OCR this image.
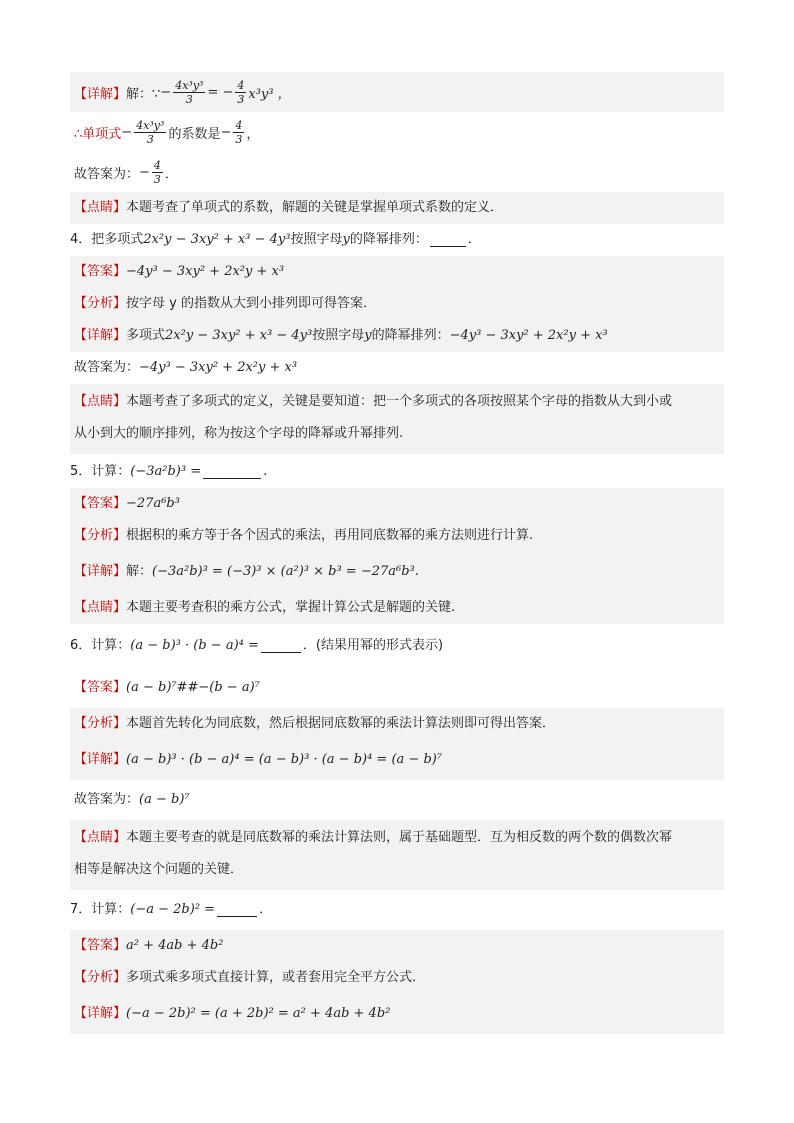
【详解】 解：∵ − $\frac{\text{4x³y³}}{3}$ = − $\frac{4}{3} x^3y^3$ ，
∴单项式 − $\frac{\text{4x³y³}}{3}$ 的系数是 − $\frac{4}{3}$ ，
故答案为： − $\frac{4}{3}$ ．
【点睛】 本题考查了单项式的系数，解题的关键是掌握单项式系数的定义．
4．把多项式 2x²y − 3xy² + x³ − 4y³ 按照字母 y 的降幂排列：	．
【答案】 −4y³ − 3xy² + 2x²y + x³
【分析】 按字母 y 的指数从大到小排列即可得答案．
【详解】 多项式 2x²y − 3xy² + x³ − 4y³ 按照字母 y 的降幂排列： −4y³ − 3xy² + 2x²y + x³
故答案为： −4y³ − 3xy² + 2x²y + x³
【点睛】本题考查了多项式的定义，关键是要知道：把一个多项式的各项按照某个字母的指数从大到小或
从小到大的顺序排列，称为按这个字母的降幂或升幂排列.
5．计算： (−3a²b)³ =	.
【答案】 −27a⁶b³
【分析】 根据积的乘方等于各个因式的乘法，再用同底数幂的乘方法则进行计算.
【详解】 解： (−3a²b)³ = (−3)³ × (a²)³ × b³ = −27a⁶b³ .
【点睛】 本题主要考查积的乘方公式，掌握计算公式是解题的关键.
6．计算： (a − b)³ · (b − a)⁴ =	．(结果用幂的形式表示)
【答案】 (a − b)⁷##−(b − a)⁷
【分析】 本题首先转化为同底数，然后根据同底数幂的乘法计算法则即可得出答案．
【详解】 (a − b)³ · (b − a)⁴ = (a − b)³ · (a − b)⁴ = (a − b)⁷
故答案为： (a − b)⁷
【点睛】本题主要考查的就是同底数幂的乘法计算法则，属于基础题型．互为相反数的两个数的偶数次幂
相等是解决这个问题的关键．
7．计算： (−a − 2b)² =	．
【答案】 a² + 4ab + 4b²
【分析】 多项式乘多项式直接计算，或者套用完全平方公式．
【详解】 (−a − 2b)² = (a + 2b)² = a² + 4ab + 4b²
